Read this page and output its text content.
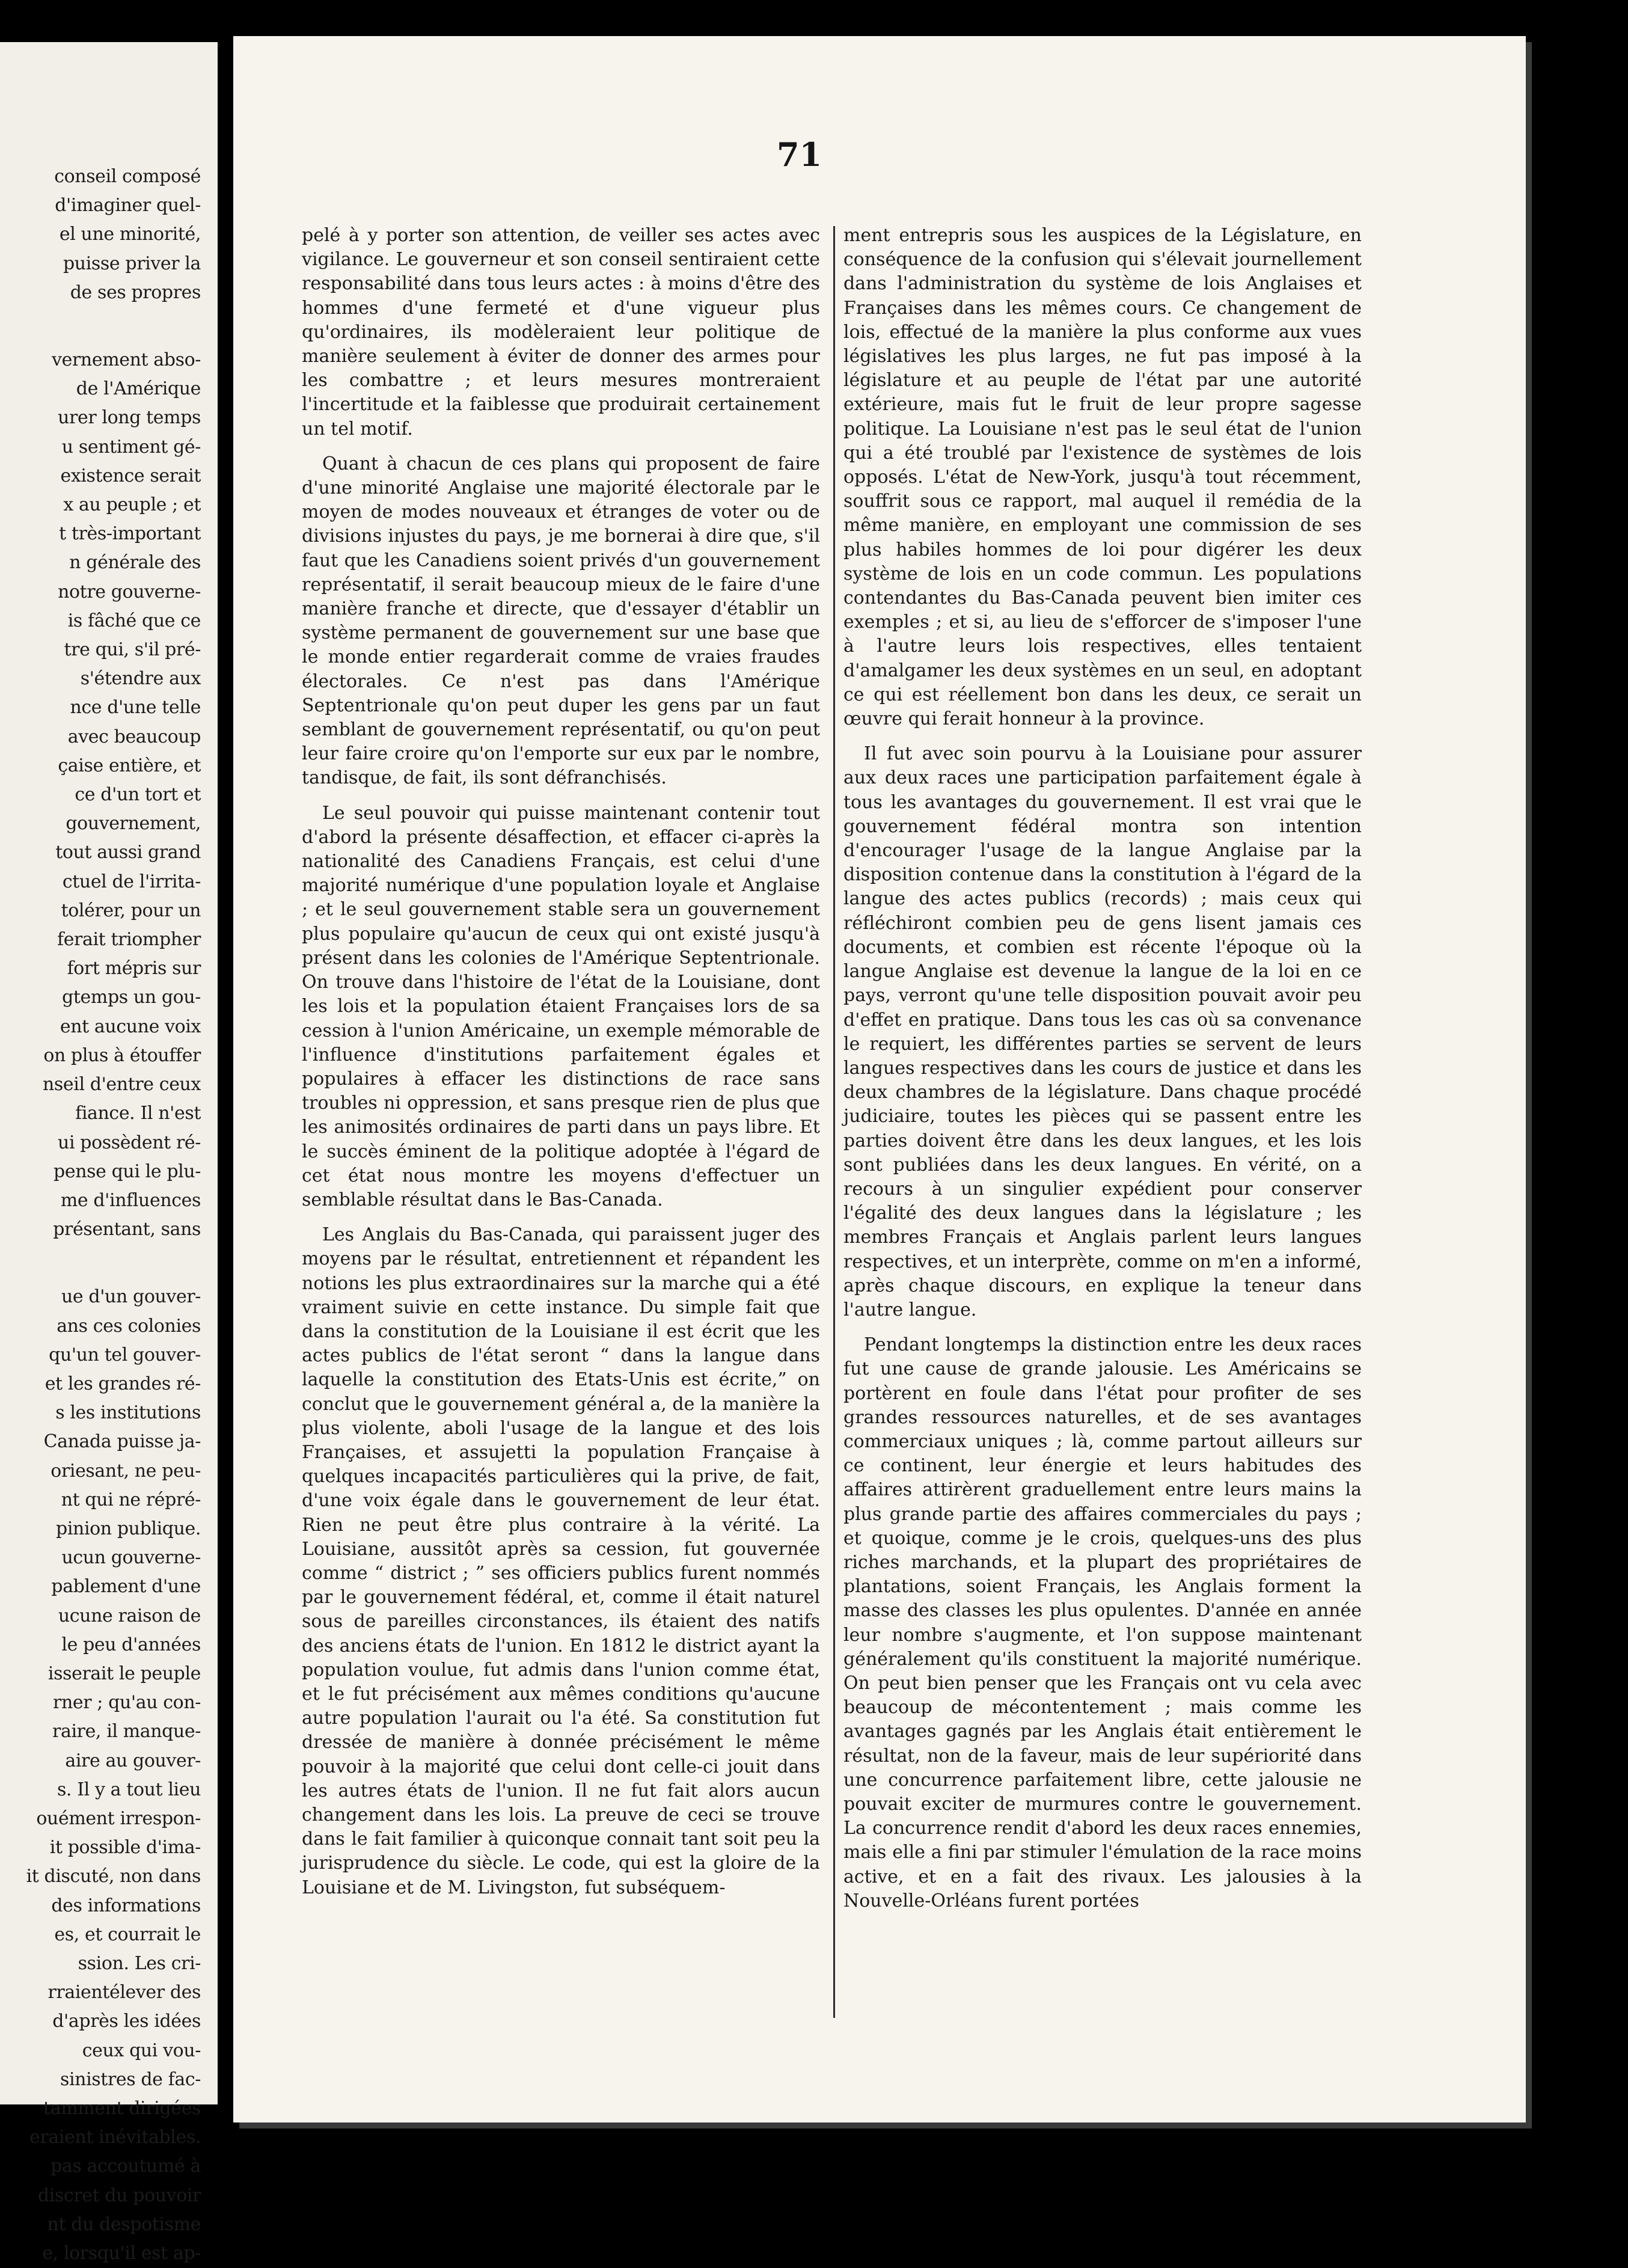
conseil composé
d'imaginer quel-
el une minorité,
puisse priver la
de ses propres
vernement abso-
de l'Amérique
urer long temps
u sentiment gé-
existence serait
x au peuple ; et
t très-important
n générale des
notre gouverne-
is fâché que ce
tre qui, s'il pré-
s'étendre aux
nce d'une telle
avec beaucoup
çaise entière, et
ce d'un tort et
gouvernement,
tout aussi grand
ctuel de l'irrita-
tolérer, pour un
ferait triompher
fort mépris sur
gtemps un gou-
ent aucune voix
on plus à étouffer
nseil d'entre ceux
fiance. Il n'est
ui possèdent ré-
pense qui le plu-
me d'influences
présentant, sans
ue d'un gouver-
ans ces colonies
qu'un tel gouver-
et les grandes ré-
s les institutions
Canada puisse ja-
oriesant, ne peu-
nt qui ne répré-
pinion publique.
ucun gouverne-
pablement d'une
ucune raison de
le peu d'années
isserait le peuple
rner ; qu'au con-
raire, il manque-
aire au gouver-
s. Il y a tout lieu
ouément irrespon-
it possible d'ima-
it discuté, non dans
des informations
es, et courrait le
ssion. Les cri-
rraientélever des
d'après les idées
ceux qui vou-
sinistres de fac-
tamment dirigées
eraient inévitables.
pas accoutumé à
discret du pouvoir
nt du despotisme
e, lorsqu'il est ap-
71

pelé à y porter son attention, de veiller ses actes avec vigilance. Le gouverneur et son conseil sentiraient cette responsabilité dans tous leurs actes : à moins d'être des hommes d'une fermeté et d'une vigueur plus qu'ordinaires, ils modèleraient leur politique de manière seulement à éviter de donner des armes pour les combattre ; et leurs mesures montreraient l'incertitude et la faiblesse que produirait certainement un tel motif.

Quant à chacun de ces plans qui proposent de faire d'une minorité Anglaise une majorité électorale par le moyen de modes nouveaux et étranges de voter ou de divisions injustes du pays, je me bornerai à dire que, s'il faut que les Canadiens soient privés d'un gouvernement représentatif, il serait beaucoup mieux de le faire d'une manière franche et directe, que d'essayer d'établir un système permanent de gouvernement sur une base que le monde entier regarderait comme de vraies fraudes électorales. Ce n'est pas dans l'Amérique Septentrionale qu'on peut duper les gens par un faut semblant de gouvernement représentatif, ou qu'on peut leur faire croire qu'on l'emporte sur eux par le nombre, tandisque, de fait, ils sont défranchisés.

Le seul pouvoir qui puisse maintenant contenir tout d'abord la présente désaffection, et effacer ci-après la nationalité des Canadiens Français, est celui d'une majorité numérique d'une population loyale et Anglaise ; et le seul gouvernement stable sera un gouvernement plus populaire qu'aucun de ceux qui ont existé jusqu'à présent dans les colonies de l'Amérique Septentrionale. On trouve dans l'histoire de l'état de la Louisiane, dont les lois et la population étaient Françaises lors de sa cession à l'union Américaine, un exemple mémorable de l'influence d'institutions parfaitement égales et populaires à effacer les distinctions de race sans troubles ni oppression, et sans presque rien de plus que les animosités ordinaires de parti dans un pays libre. Et le succès éminent de la politique adoptée à l'égard de cet état nous montre les moyens d'effectuer un semblable résultat dans le Bas-Canada.

Les Anglais du Bas-Canada, qui paraissent juger des moyens par le résultat, entretiennent et répandent les notions les plus extraordinaires sur la marche qui a été vraiment suivie en cette instance. Du simple fait que dans la constitution de la Louisiane il est écrit que les actes publics de l'état seront “ dans la langue dans laquelle la constitution des Etats-Unis est écrite,” on conclut que le gouvernement général a, de la manière la plus violente, aboli l'usage de la langue et des lois Françaises, et assujetti la population Française à quelques incapacités particulières qui la prive, de fait, d'une voix égale dans le gouvernement de leur état. Rien ne peut être plus contraire à la vérité. La Louisiane, aussitôt après sa cession, fut gouvernée comme “ district ; ” ses officiers publics furent nommés par le gouvernement fédéral, et, comme il était naturel sous de pareilles circonstances, ils étaient des natifs des anciens états de l'union. En 1812 le district ayant la population voulue, fut admis dans l'union comme état, et le fut précisément aux mêmes conditions qu'aucune autre population l'aurait ou l'a été. Sa constitution fut dressée de manière à donnée précisément le même pouvoir à la majorité que celui dont celle-ci jouit dans les autres états de l'union. Il ne fut fait alors aucun changement dans les lois. La preuve de ceci se trouve dans le fait familier à quiconque connait tant soit peu la jurisprudence du siècle. Le code, qui est la gloire de la Louisiane et de M. Livingston, fut subséquem-

ment entrepris sous les auspices de la Législature, en conséquence de la confusion qui s'élevait journellement dans l'administration du système de lois Anglaises et Françaises dans les mêmes cours. Ce changement de lois, effectué de la manière la plus conforme aux vues législatives les plus larges, ne fut pas imposé à la législature et au peuple de l'état par une autorité extérieure, mais fut le fruit de leur propre sagesse politique. La Louisiane n'est pas le seul état de l'union qui a été troublé par l'existence de systèmes de lois opposés. L'état de New-York, jusqu'à tout récemment, souffrit sous ce rapport, mal auquel il remédia de la même manière, en employant une commission de ses plus habiles hommes de loi pour digérer les deux système de lois en un code commun. Les populations contendantes du Bas-Canada peuvent bien imiter ces exemples ; et si, au lieu de s'efforcer de s'imposer l'une à l'autre leurs lois respectives, elles tentaient d'amalgamer les deux systèmes en un seul, en adoptant ce qui est réellement bon dans les deux, ce serait un œuvre qui ferait honneur à la province.

Il fut avec soin pourvu à la Louisiane pour assurer aux deux races une participation parfaitement égale à tous les avantages du gouvernement. Il est vrai que le gouvernement fédéral montra son intention d'encourager l'usage de la langue Anglaise par la disposition contenue dans la constitution à l'égard de la langue des actes publics (records) ; mais ceux qui réfléchiront combien peu de gens lisent jamais ces documents, et combien est récente l'époque où la langue Anglaise est devenue la langue de la loi en ce pays, verront qu'une telle disposition pouvait avoir peu d'effet en pratique. Dans tous les cas où sa convenance le requiert, les différentes parties se servent de leurs langues respectives dans les cours de justice et dans les deux chambres de la législature. Dans chaque procédé judiciaire, toutes les pièces qui se passent entre les parties doivent être dans les deux langues, et les lois sont publiées dans les deux langues. En vérité, on a recours à un singulier expédient pour conserver l'égalité des deux langues dans la législature ; les membres Français et Anglais parlent leurs langues respectives, et un interprète, comme on m'en a informé, après chaque discours, en explique la teneur dans l'autre langue.

Pendant longtemps la distinction entre les deux races fut une cause de grande jalousie. Les Américains se portèrent en foule dans l'état pour profiter de ses grandes ressources naturelles, et de ses avantages commerciaux uniques ; là, comme partout ailleurs sur ce continent, leur énergie et leurs habitudes des affaires attirèrent graduellement entre leurs mains la plus grande partie des affaires commerciales du pays ; et quoique, comme je le crois, quelques-uns des plus riches marchands, et la plupart des propriétaires de plantations, soient Français, les Anglais forment la masse des classes les plus opulentes. D'année en année leur nombre s'augmente, et l'on suppose maintenant généralement qu'ils constituent la majorité numérique. On peut bien penser que les Français ont vu cela avec beaucoup de mécontentement ; mais comme les avantages gagnés par les Anglais était entièrement le résultat, non de la faveur, mais de leur supériorité dans une concurrence parfaitement libre, cette jalousie ne pouvait exciter de murmures contre le gouvernement. La concurrence rendit d'abord les deux races ennemies, mais elle a fini par stimuler l'émulation de la race moins active, et en a fait des rivaux. Les jalousies à la Nouvelle-Orléans furent portées
